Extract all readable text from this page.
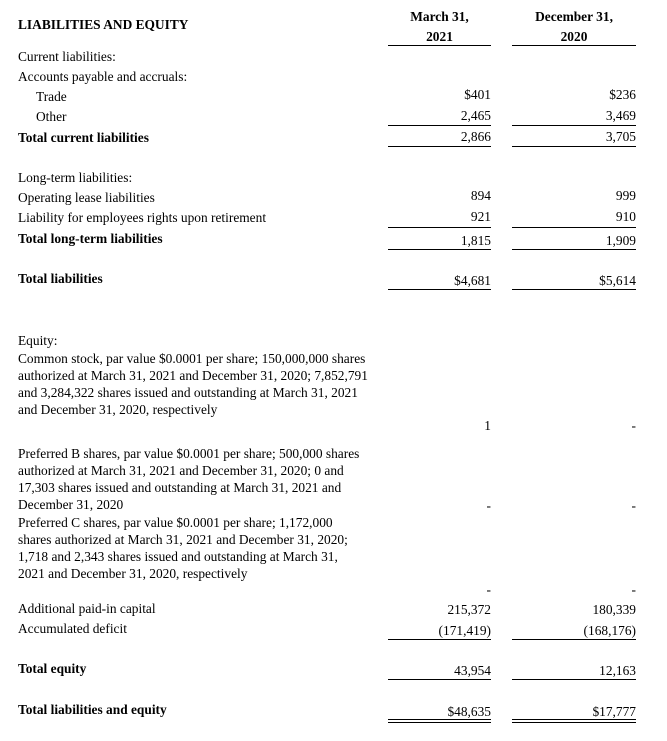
LIABILITIES AND EQUITY
March 31,
2021
December 31,
2020
Current liabilities:
Accounts payable and accruals:
Trade	$401	$236
Other	2,465	3,469
Total current liabilities	2,866	3,705
Long-term liabilities:
Operating lease liabilities	894	999
Liability for employees rights upon retirement	921	910
Total long-term liabilities	1,815	1,909
Total liabilities	$4,681	$5,614
Equity:
Common stock, par value $0.0001 per share; 150,000,000 shares authorized at March 31, 2021 and December 31, 2020; 7,852,791 and 3,284,322 shares issued and outstanding at March 31, 2021 and December 31, 2020, respectively
1	-
Preferred B shares, par value $0.0001 per share; 500,000 shares authorized at March 31, 2021 and December 31, 2020; 0 and 17,303 shares issued and outstanding at March 31, 2021 and December 31, 2020	-	-
Preferred C shares, par value $0.0001 per share; 1,172,000 shares authorized at March 31, 2021 and December 31, 2020; 1,718 and 2,343 shares issued and outstanding at March 31, 2021 and December 31, 2020, respectively
-	-
Additional paid-in capital	215,372	180,339
Accumulated deficit	(171,419)	(168,176)
Total equity	43,954	12,163
Total liabilities and equity	$48,635	$17,777
